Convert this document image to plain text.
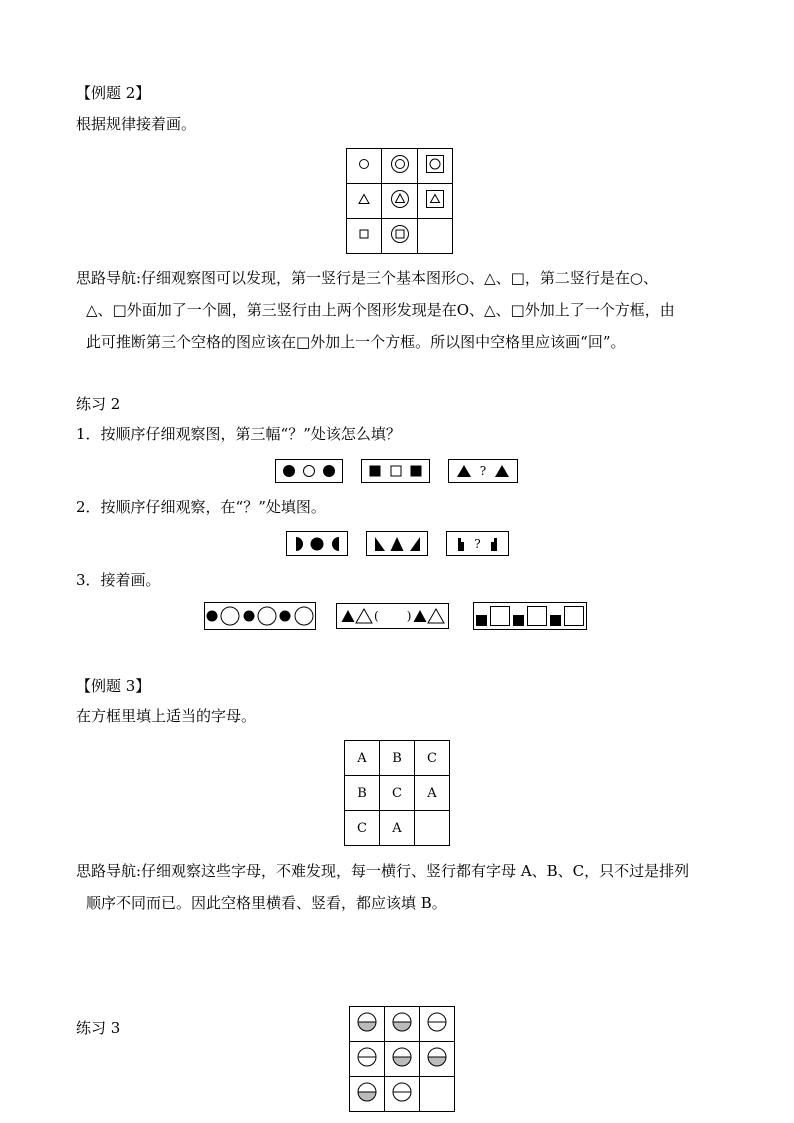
【例题 2】
根据规律接着画。

思路导航:仔细观察图可以发现，第一竖行是三个基本图形○、△、□，第二竖行是在○、
△、□外面加了一个圆，第三竖行由上两个图形发现是在O、△、□外加上了一个方框，由
此可推断第三个空格的图应该在□外加上一个方框。所以图中空格里应该画“回”。
练习 2
1．按顺序仔细观察图，第三幅“？”处该怎么填？
?
2．按顺序仔细观察，在“？”处填图。
?
3．接着画。
( )
【例题 3】
在方框里填上适当的字母。
A	B	C
B	C	A
C	A	
思路导航:仔细观察这些字母，不难发现，每一横行、竖行都有字母 A、B、C，只不过是排列
顺序不同而已。因此空格里横看、竖看，都应该填 B。
练习 3
